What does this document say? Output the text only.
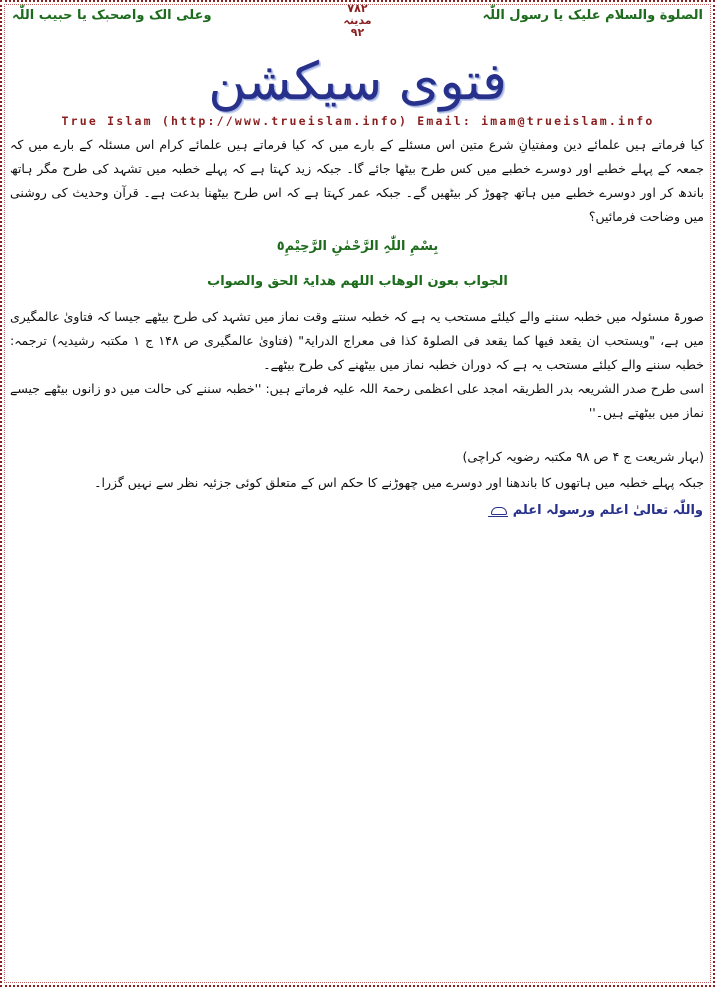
الصلوة والسلام علیک یا رسول اللّٰہ
وعلی الک واصحبک یا حبیب اللّٰہ	۷۸۲
مدینہ
۹۲
فتوی سیکشن
True Islam (http://www.trueislam.info) Email: imam@trueislam.info
کیا فرماتے ہیں علمائے دین ومفتیانِ شرع متین اس مسئلے کے بارے میں کہ کیا فرماتے ہیں علمائے کرام اس مسئلہ کے بارے میں کہ جمعہ کے پہلے خطبے اور دوسرے خطبے میں کس طرح بیٹھا جائے گا۔ جبکہ زید کہتا ہے کہ پہلے خطبہ میں تشہد کی طرح مگر ہاتھ باندھ کر اور دوسرے خطبے میں ہاتھ چھوڑ کر بیٹھیں گے۔ جبکہ عمر کہتا ہے کہ اس طرح بیٹھنا بدعت ہے۔ قرآن وحدیث کی روشنی میں وضاحت فرمائیں؟
بِسْمِ اللّٰہِ الرَّحْمٰنِ الرَّحِیْمِ٥
الجواب بعون الوھاب اللھم ھدایۃ الحق والصواب

صورۃ مسئولہ میں خطبہ سننے والے کیلئے مستحب یہ ہے کہ خطبہ سنتے وقت نماز میں تشہد کی طرح بیٹھے جیسا کہ فتاویٰ عالمگیری میں ہے، "ویستحب ان یقعد فیھا کما یقعد فی الصلوۃ کذا فی معراج الدرایۃ" (فتاویٰ عالمگیری ص ۱۴۸ ج ۱ مکتبہ رشیدیہ) ترجمہ: خطبہ سننے والے کیلئے مستحب یہ ہے کہ دوران خطبہ نماز میں بیٹھنے کی طرح بیٹھے۔

اسی طرح صدر الشریعہ بدر الطریقہ امجد علی اعظمی رحمۃ اللہ علیہ فرماتے ہیں: ''خطبہ سننے کی حالت میں دو زانوں بیٹھے جیسے نماز میں بیٹھتے ہیں۔''

(بہار شریعت ج ۴ ص ۹۸ مکتبہ رضویہ کراچی)
جبکہ پہلے خطبہ میں ہاتھوں کا باندھنا اور دوسرے میں چھوڑنے کا حکم اس کے متعلق کوئی جزئیہ نظر سے نہیں گزرا۔
واللّٰہ تعالیٰ اعلم ورسولہ اعلم
